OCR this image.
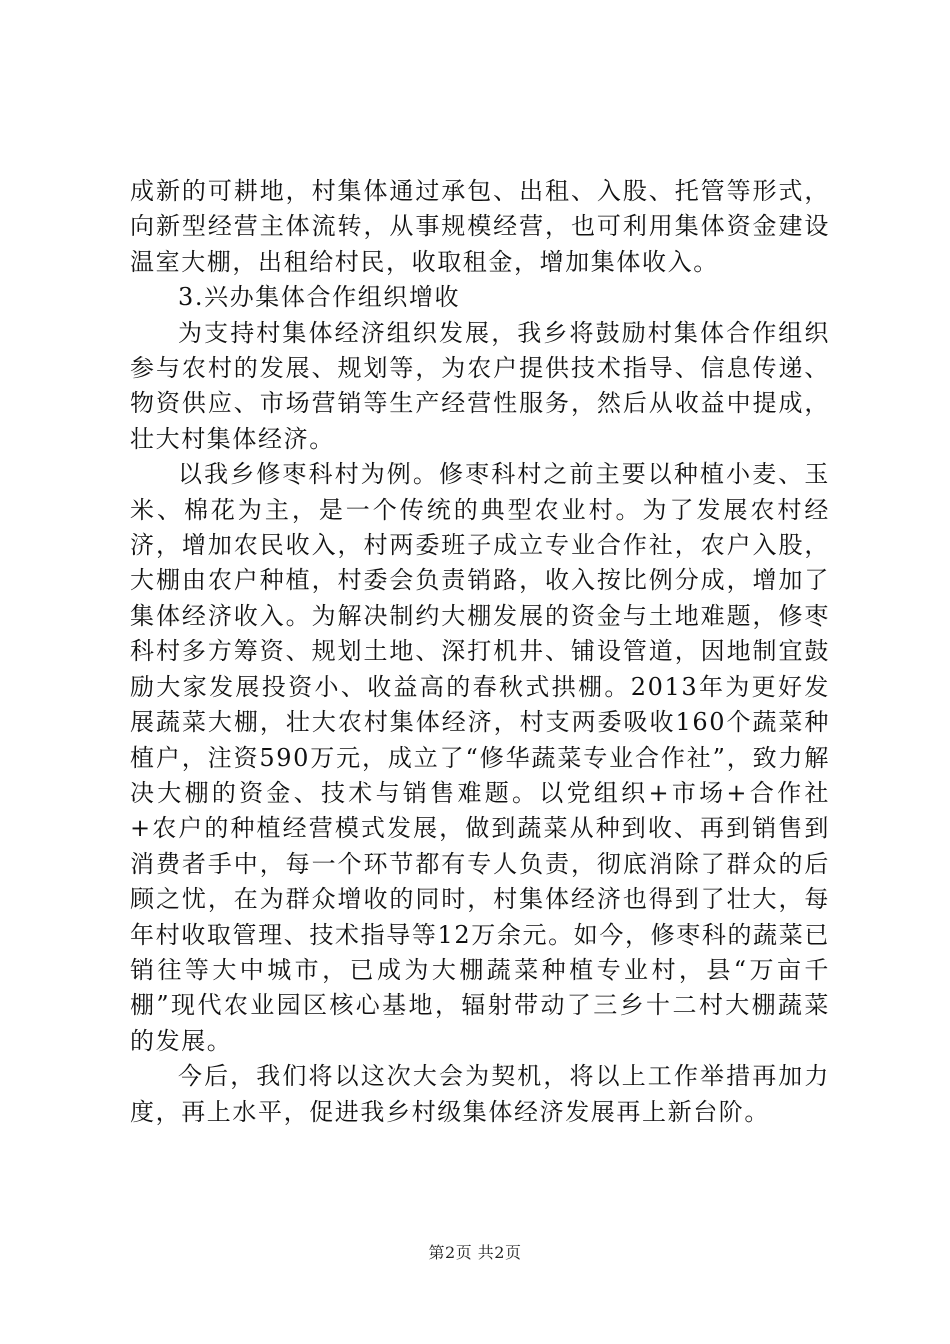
成新的可耕地，村集体通过承包、出租、入股、托管等形式，向新型经营主体流转，从事规模经营，也可利用集体资金建设温室大棚，出租给村民，收取租金，增加集体收入。

3.兴办集体合作组织增收

为支持村集体经济组织发展，我乡将鼓励村集体合作组织参与农村的发展、规划等，为农户提供技术指导、信息传递、物资供应、市场营销等生产经营性服务，然后从收益中提成，壮大村集体经济。

以我乡修枣科村为例。修枣科村之前主要以种植小麦、玉米、棉花为主，是一个传统的典型农业村。为了发展农村经济，增加农民收入，村两委班子成立专业合作社，农户入股，大棚由农户种植，村委会负责销路，收入按比例分成，增加了集体经济收入。为解决制约大棚发展的资金与土地难题，修枣科村多方筹资、规划土地、深打机井、铺设管道，因地制宜鼓励大家发展投资小、收益高的春秋式拱棚。2013年为更好发展蔬菜大棚，壮大农村集体经济，村支两委吸收160个蔬菜种植户，注资590万元，成立了“修华蔬菜专业合作社”，致力解决大棚的资金、技术与销售难题。以党组织+市场+合作社+农户的种植经营模式发展，做到蔬菜从种到收、再到销售到消费者手中，每一个环节都有专人负责，彻底消除了群众的后顾之忧，在为群众增收的同时，村集体经济也得到了壮大，每年村收取管理、技术指导等12万余元。如今，修枣科的蔬菜已销往等大中城市，已成为大棚蔬菜种植专业村，县“万亩千棚”现代农业园区核心基地，辐射带动了三乡十二村大棚蔬菜的发展。

今后，我们将以这次大会为契机，将以上工作举措再加力度，再上水平，促进我乡村级集体经济发展再上新台阶。

第2页 共2页
